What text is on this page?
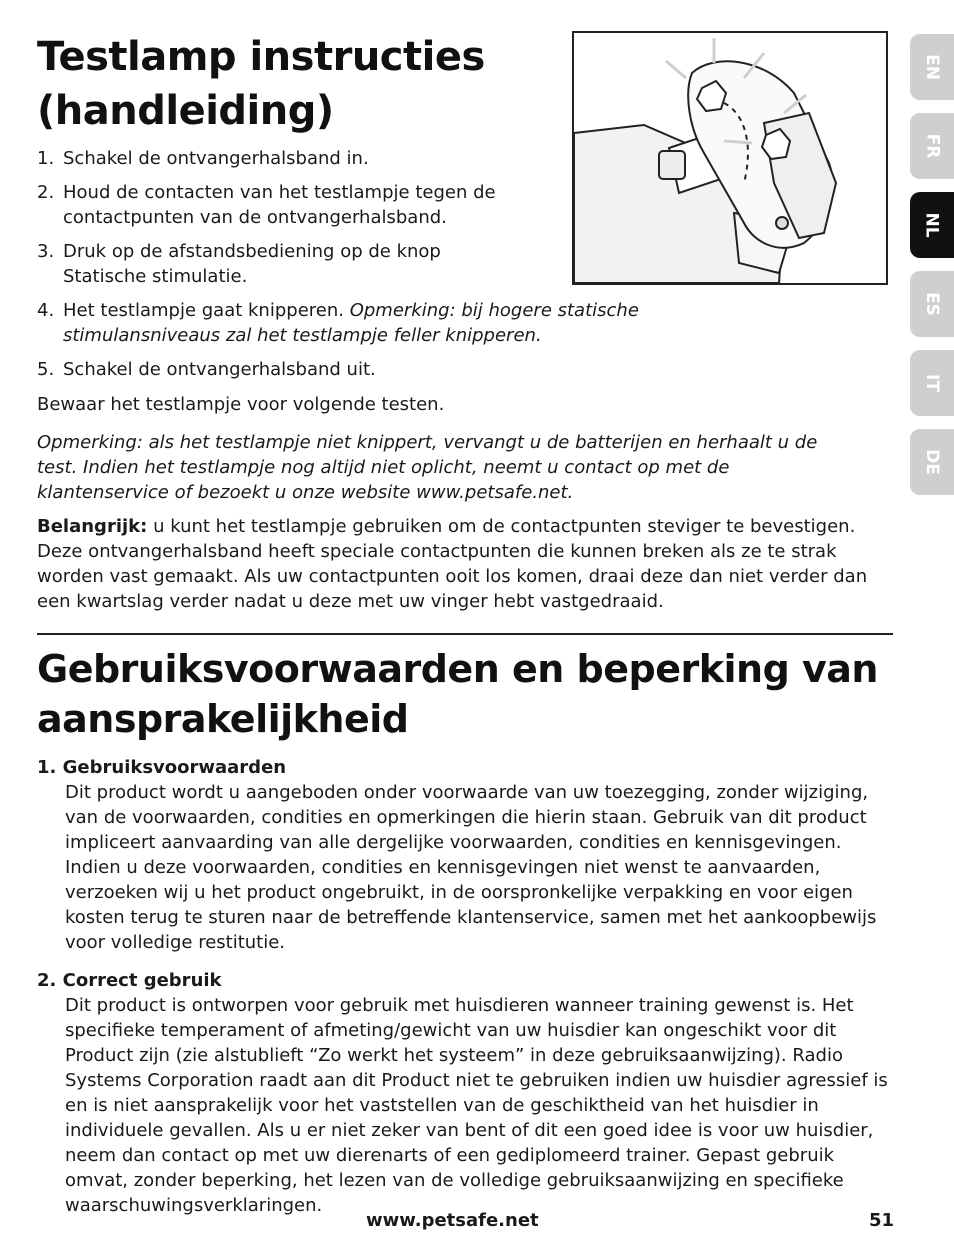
Testlamp instructies (handleiding)
1. Schakel de ontvangerhalsband in.
2. Houd de contacten van het testlampje tegen de contactpunten van de ontvangerhalsband.
3. Druk op de afstandsbediening op de knop Statische stimulatie.
4. Het testlampje gaat knipperen. Opmerking: bij hogere statische stimulansniveaus zal het testlampje feller knipperen.
5. Schakel de ontvangerhalsband uit.

Bewaar het testlampje voor volgende testen.

Opmerking: als het testlampje niet knippert, vervangt u de batterijen en herhaalt u de test. Indien het testlampje nog altijd niet oplicht, neemt u contact op met de klantenservice of bezoekt u onze website www.petsafe.net.

Belangrijk: u kunt het testlampje gebruiken om de contactpunten steviger te bevestigen. Deze ontvangerhalsband heeft speciale contactpunten die kunnen breken als ze te strak worden vast gemaakt. Als uw contactpunten ooit los komen, draai deze dan niet verder dan een kwartslag verder nadat u deze met uw vinger hebt vastgedraaid.

EN
FR
NL
ES
IT
DE
Gebruiksvoorwaarden en beperking van aansprakelijkheid
1. Gebruiksvoorwaarden
Dit product wordt u aangeboden onder voorwaarde van uw toezegging, zonder wijziging, van de voorwaarden, condities en opmerkingen die hierin staan. Gebruik van dit product impliceert aanvaarding van alle dergelijke voorwaarden, condities en kennisgevingen. Indien u deze voorwaarden, condities en kennisgevingen niet wenst te aanvaarden, verzoeken wij u het product ongebruikt, in de oorspronkelijke verpakking en voor eigen kosten terug te sturen naar de betreffende klantenservice, samen met het aankoopbewijs voor volledige restitutie.
2. Correct gebruik
Dit product is ontworpen voor gebruik met huisdieren wanneer training gewenst is. Het specifieke temperament of afmeting/gewicht van uw huisdier kan ongeschikt voor dit Product zijn (zie alstublieft “Zo werkt het systeem” in deze gebruiksaanwijzing). Radio Systems Corporation raadt aan dit Product niet te gebruiken indien uw huisdier agressief is en is niet aansprakelijk voor het vaststellen van de geschiktheid van het huisdier in individuele gevallen. Als u er niet zeker van bent of dit een goed idee is voor uw huisdier, neem dan contact op met uw dierenarts of een gediplomeerd trainer. Gepast gebruik omvat, zonder beperking, het lezen van de volledige gebruiksaanwijzing en specifieke waarschuwingsverklaringen.
www.petsafe.net	51
